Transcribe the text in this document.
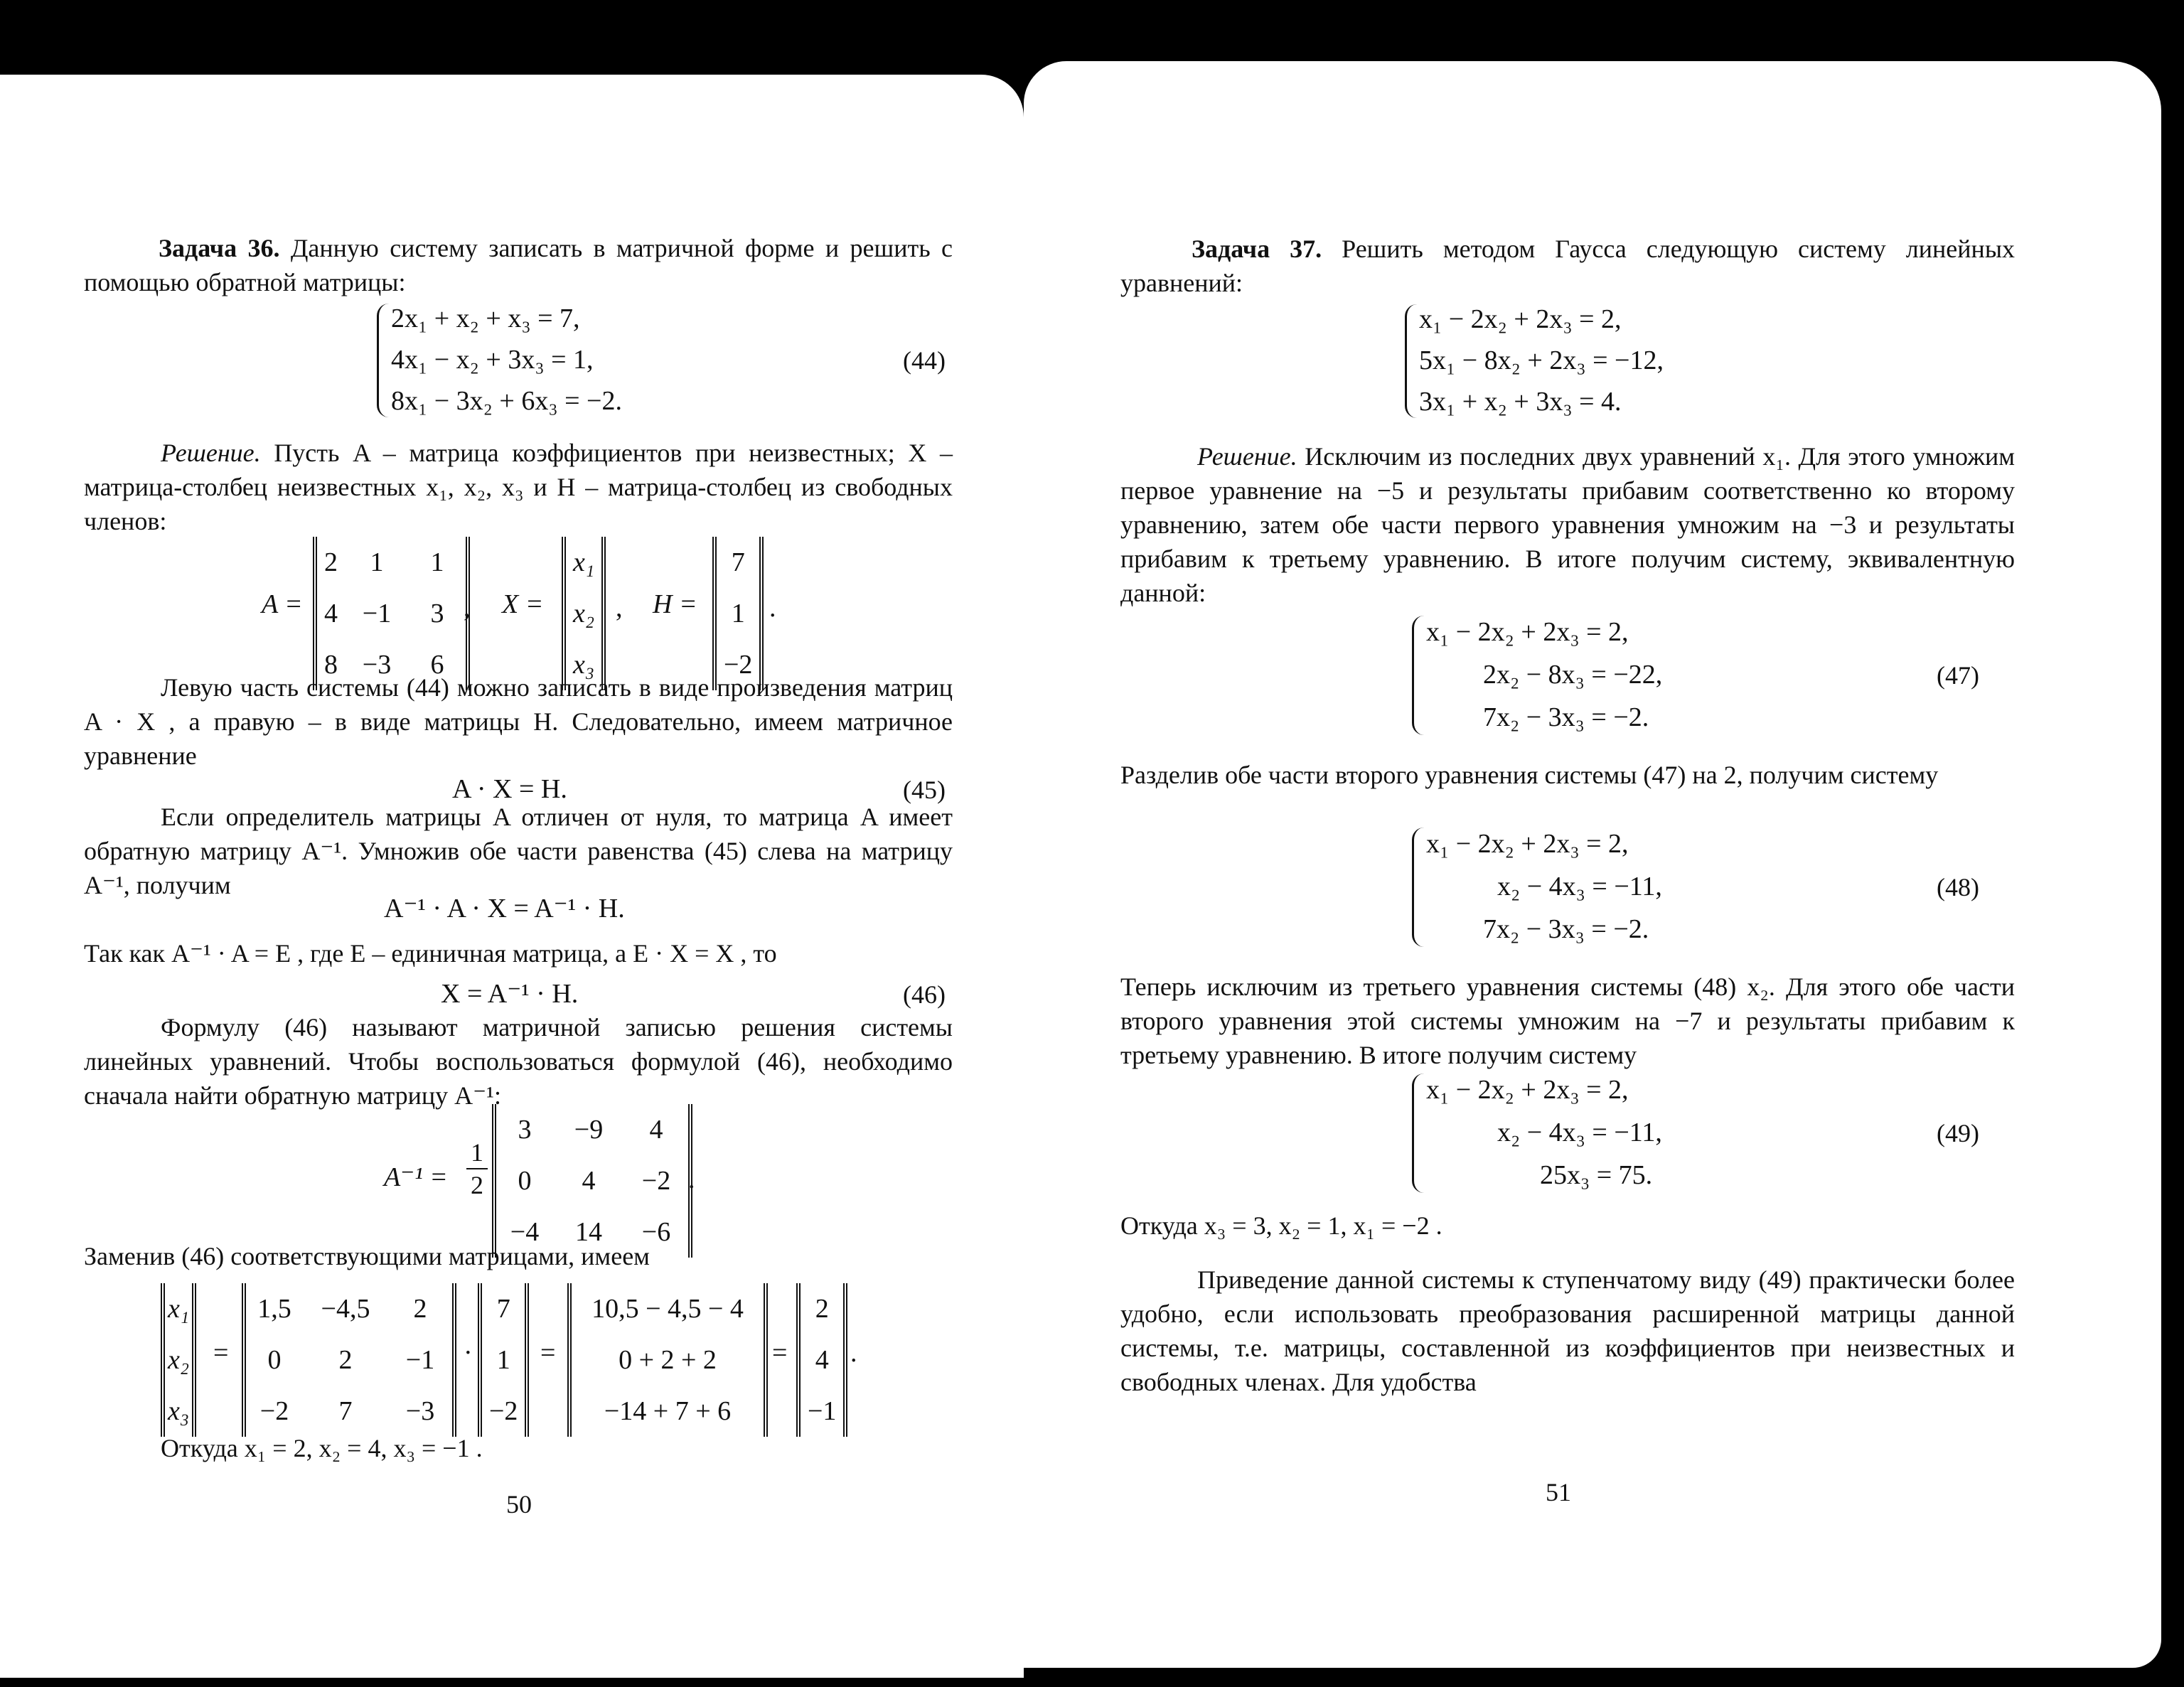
Задача 36. Данную систему записать в матричной форме и решить с помощью обратной матрицы:
2x₁ + x₂ + x₃ = 7,
4x₁ − x₂ + 3x₃ = 1,
8x₁ − 3x₂ + 6x₃ = −2.
(44)
Решение. Пусть A – матрица коэффициентов при неизвестных; X – матрица-столбец неизвестных x₁, x₂, x₃ и H – матрица-столбец из свободных членов:
A =
2	1	1
4	−1	3
8	−3	6
, X =
x₁
x₂
x₃
, H =
7
1
−2
.
Левую часть системы (44) можно записать в виде произведения матриц A · X , а правую – в виде матрицы H. Следовательно, имеем матричное уравнение
A · X = H.	(45)
Если определитель матрицы A отличен от нуля, то матрица A имеет обратную матрицу A⁻¹. Умножив обе части равенства (45) слева на матрицу A⁻¹, получим
A⁻¹ · A · X = A⁻¹ · H.
Так как A⁻¹ · A = E , где E – единичная матрица, а E · X = X , то
X = A⁻¹ · H.	(46)
Формулу (46) называют матричной записью решения системы линейных уравнений. Чтобы воспользоваться формулой (46), необходимо сначала найти обратную матрицу A⁻¹:
$A^{-1} = \frac{1}{2}$
3	−9	4
0	4	−2
−4	14	−6
.
Заменив (46) соответствующими матрицами, имеем
x₁
x₂
x₃
=
1,5	−4,5	2
0	2	−1
−2	7	−3
·
7
1
−2
=
10,5 − 4,5 − 4
0 + 2 + 2
−14 + 7 + 6
=
2
4
−1
.
Откуда x₁ = 2, x₂ = 4, x₃ = −1 .
50
Задача 37. Решить методом Гаусса следующую систему линейных уравнений:
x₁ − 2x₂ + 2x₃ = 2,
5x₁ − 8x₂ + 2x₃ = −12,
3x₁ + x₂ + 3x₃ = 4.
Решение. Исключим из последних двух уравнений x₁. Для этого умножим первое уравнение на −5 и результаты прибавим соответственно ко второму уравнению, затем обе части первого уравнения умножим на −3 и результаты прибавим к третьему уравнению. В итоге получим систему, эквивалентную данной:
x₁ − 2x₂ + 2x₃ = 2,
2x₂ − 8x₃ = −22,
7x₂ − 3x₃ = −2.
(47)
Разделив обе части второго уравнения системы (47) на 2, получим систему
x₁ − 2x₂ + 2x₃ = 2,
x₂ − 4x₃ = −11,
7x₂ − 3x₃ = −2.
(48)
Теперь исключим из третьего уравнения системы (48) x₂. Для этого обе части второго уравнения этой системы умножим на −7 и результаты прибавим к третьему уравнению. В итоге получим систему
x₁ − 2x₂ + 2x₃ = 2,
x₂ − 4x₃ = −11,
25x₃ = 75.
(49)
Откуда x₃ = 3, x₂ = 1, x₁ = −2 .
Приведение данной системы к ступенчатому виду (49) практически более удобно, если использовать преобразования расширенной матрицы данной системы, т.е. матрицы, составленной из коэффициентов при неизвестных и свободных членах. Для удобства
51
